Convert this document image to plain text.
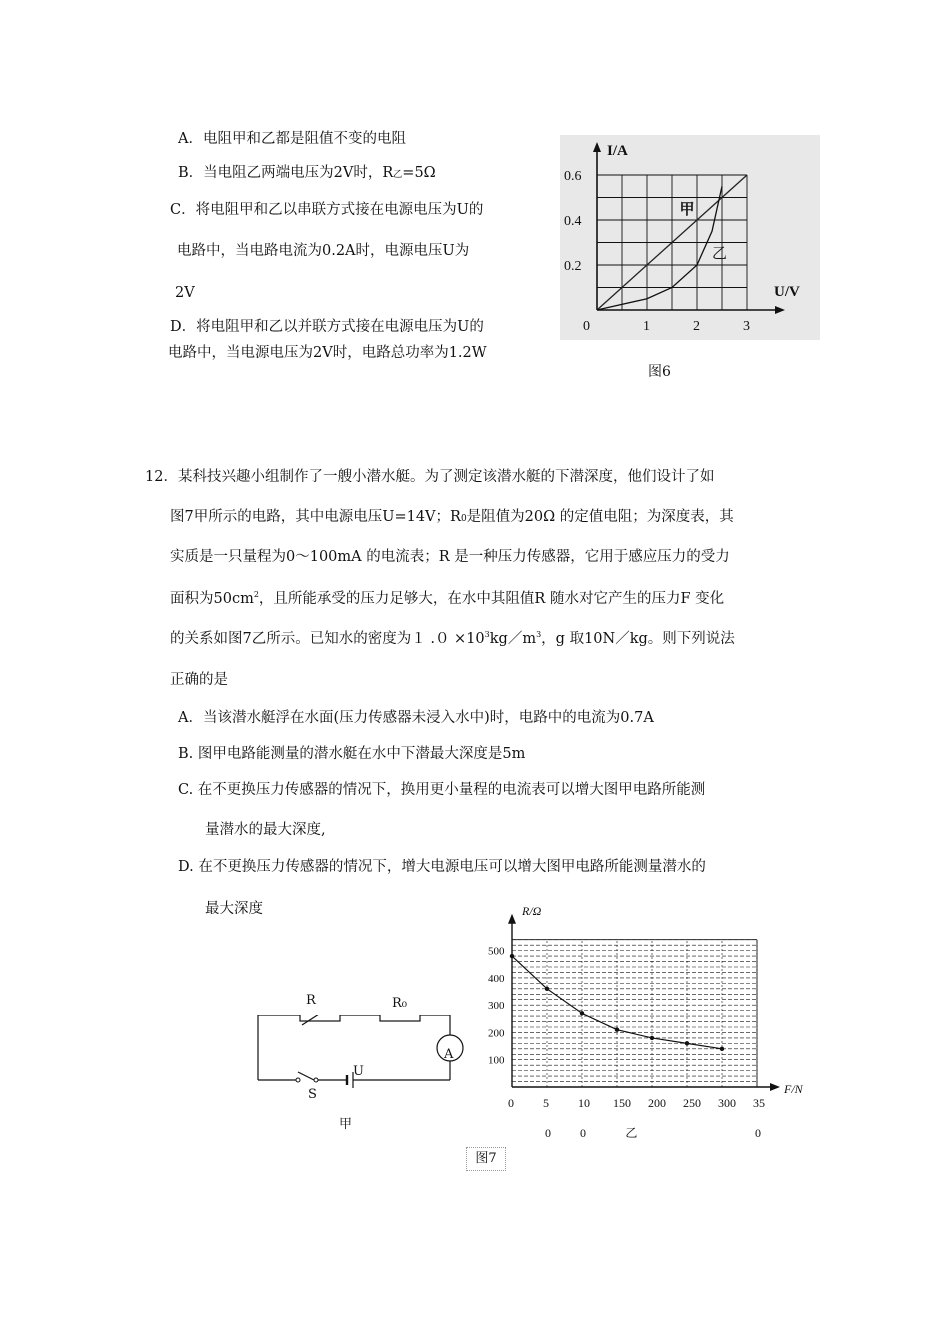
A．电阻甲和乙都是阻值不变的电阻
B．当电阻乙两端电压为2V时，R乙=5Ω
C．将电阻甲和乙以串联方式接在电源电压为U的
电路中，当电路电流为0.2A时，电源电压U为
2V
D．将电阻甲和乙以并联方式接在电源电压为U的
电路中，当电源电压为2V时，电路总功率为1.2W
0	1	2	3
0.2
0.4
0.6
I/A
U/V
甲
乙
图6
12．某科技兴趣小组制作了一艘小潜水艇。为了测定该潜水艇的下潜深度，他们设计了如
图7甲所示的电路，其中电源电压U=14V；R0是阻值为20Ω 的定值电阻；为深度表，其
实质是一只量程为0～100mA 的电流表；R 是一种压力传感器，它用于感应压力的受力
面积为$50cm^2$，且所能承受的压力足够大，在水中其阻值R 随水对它产生的压力F 变化
的关系如图7乙所示。已知水的密度为１ $.0 \times 10^3kg/m^3$，g 取10N／kg。则下列说法
正确的是
A．当该潜水艇浮在水面(压力传感器未浸入水中)时，电路中的电流为0.7A
B. 图甲电路能测量的潜水艇在水中下潜最大深度是5m
C. 在不更换压力传感器的情况下，换用更小量程的电流表可以增大图甲电路所能测
量潜水的最大深度,
D. 在不更换压力传感器的情况下，增大电源电压可以增大图甲电路所能测量潜水的
最大深度
R	R₀
A
U
S
甲
100
200
300
400
500
0 5 10 150 200 250 300 35
0 0	0
R/Ω
F/N
乙
图7
